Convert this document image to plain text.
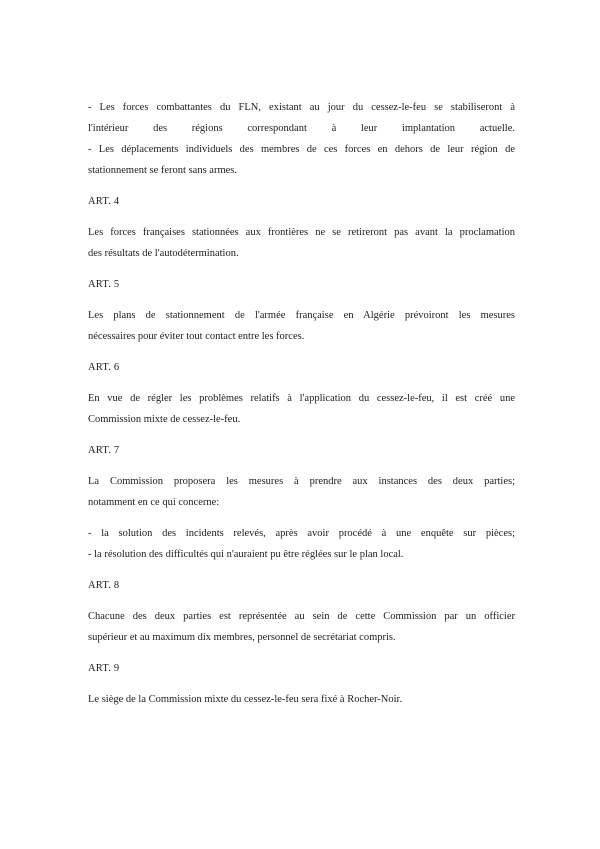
- Les forces combattantes du FLN, existant au jour du cessez-le-feu se stabiliseront à

l'intérieur des régions correspondant à leur implantation actuelle.

- Les déplacements individuels des membres de ces forces en dehors de leur région de

stationnement se feront sans armes.

ART. 4

Les forces françaises stationnées aux frontières ne se retireront pas avant la proclamation

des résultats de l'autodétermination.

ART. 5

Les plans de stationnement de l'armée française en Algérie prévoiront les mesures

nécessaires pour éviter tout contact entre les forces.

ART. 6

En vue de régler les problèmes relatifs à l'application du cessez-le-feu, il est créé une

Commission mixte de cessez-le-feu.

ART. 7

La Commission proposera les mesures à prendre aux instances des deux parties;

notamment en ce qui concerne:

- la solution des incidents relevés, après avoir procédé à une enquête sur pièces;

- la résolution des difficultés qui n'auraient pu être réglées sur le plan local.

ART. 8

Chacune des deux parties est représentée au sein de cette Commission par un officier

supérieur et au maximum dix membres, personnel de secrétariat compris.

ART. 9

Le siège de la Commission mixte du cessez-le-feu sera fixé à Rocher-Noir.
